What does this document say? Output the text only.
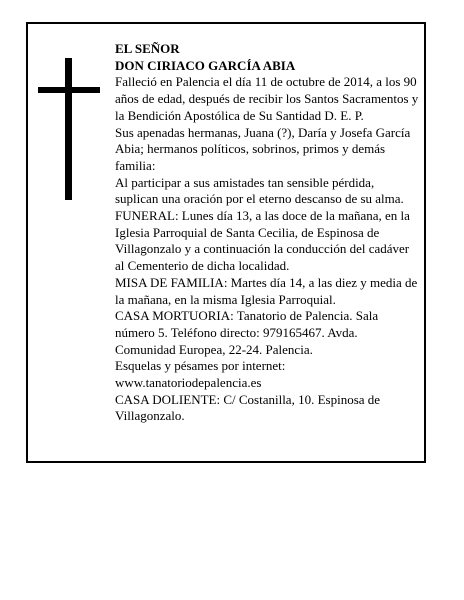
EL SEÑOR

DON CIRIACO GARCÍA ABIA

Falleció en Palencia el día 11 de octubre de 2014, a los 90 años de edad, después de recibir los Santos Sacramentos y la Bendición Apostólica de Su Santidad D. E. P.

Sus apenadas hermanas, Juana (?), Daría y Josefa García Abia; hermanos políticos, sobrinos, primos y demás familia:

Al participar a sus amistades tan sensible pérdida, suplican una oración por el eterno descanso de su alma.

FUNERAL: Lunes día 13, a las doce de la mañana, en la Iglesia Parroquial de Santa Cecilia, de Espinosa de Villagonzalo y a continuación la conducción del cadáver al Cementerio de dicha localidad.

MISA DE FAMILIA: Martes día 14, a las diez y media de la mañana, en la misma Iglesia Parroquial.

CASA MORTUORIA: Tanatorio de Palencia. Sala número 5. Teléfono directo: 979165467. Avda. Comunidad Europea, 22-24. Palencia.

Esquelas y pésames por internet: www.tanatoriodepalencia.es

CASA DOLIENTE: C/ Costanilla, 10. Espinosa de Villagonzalo.
